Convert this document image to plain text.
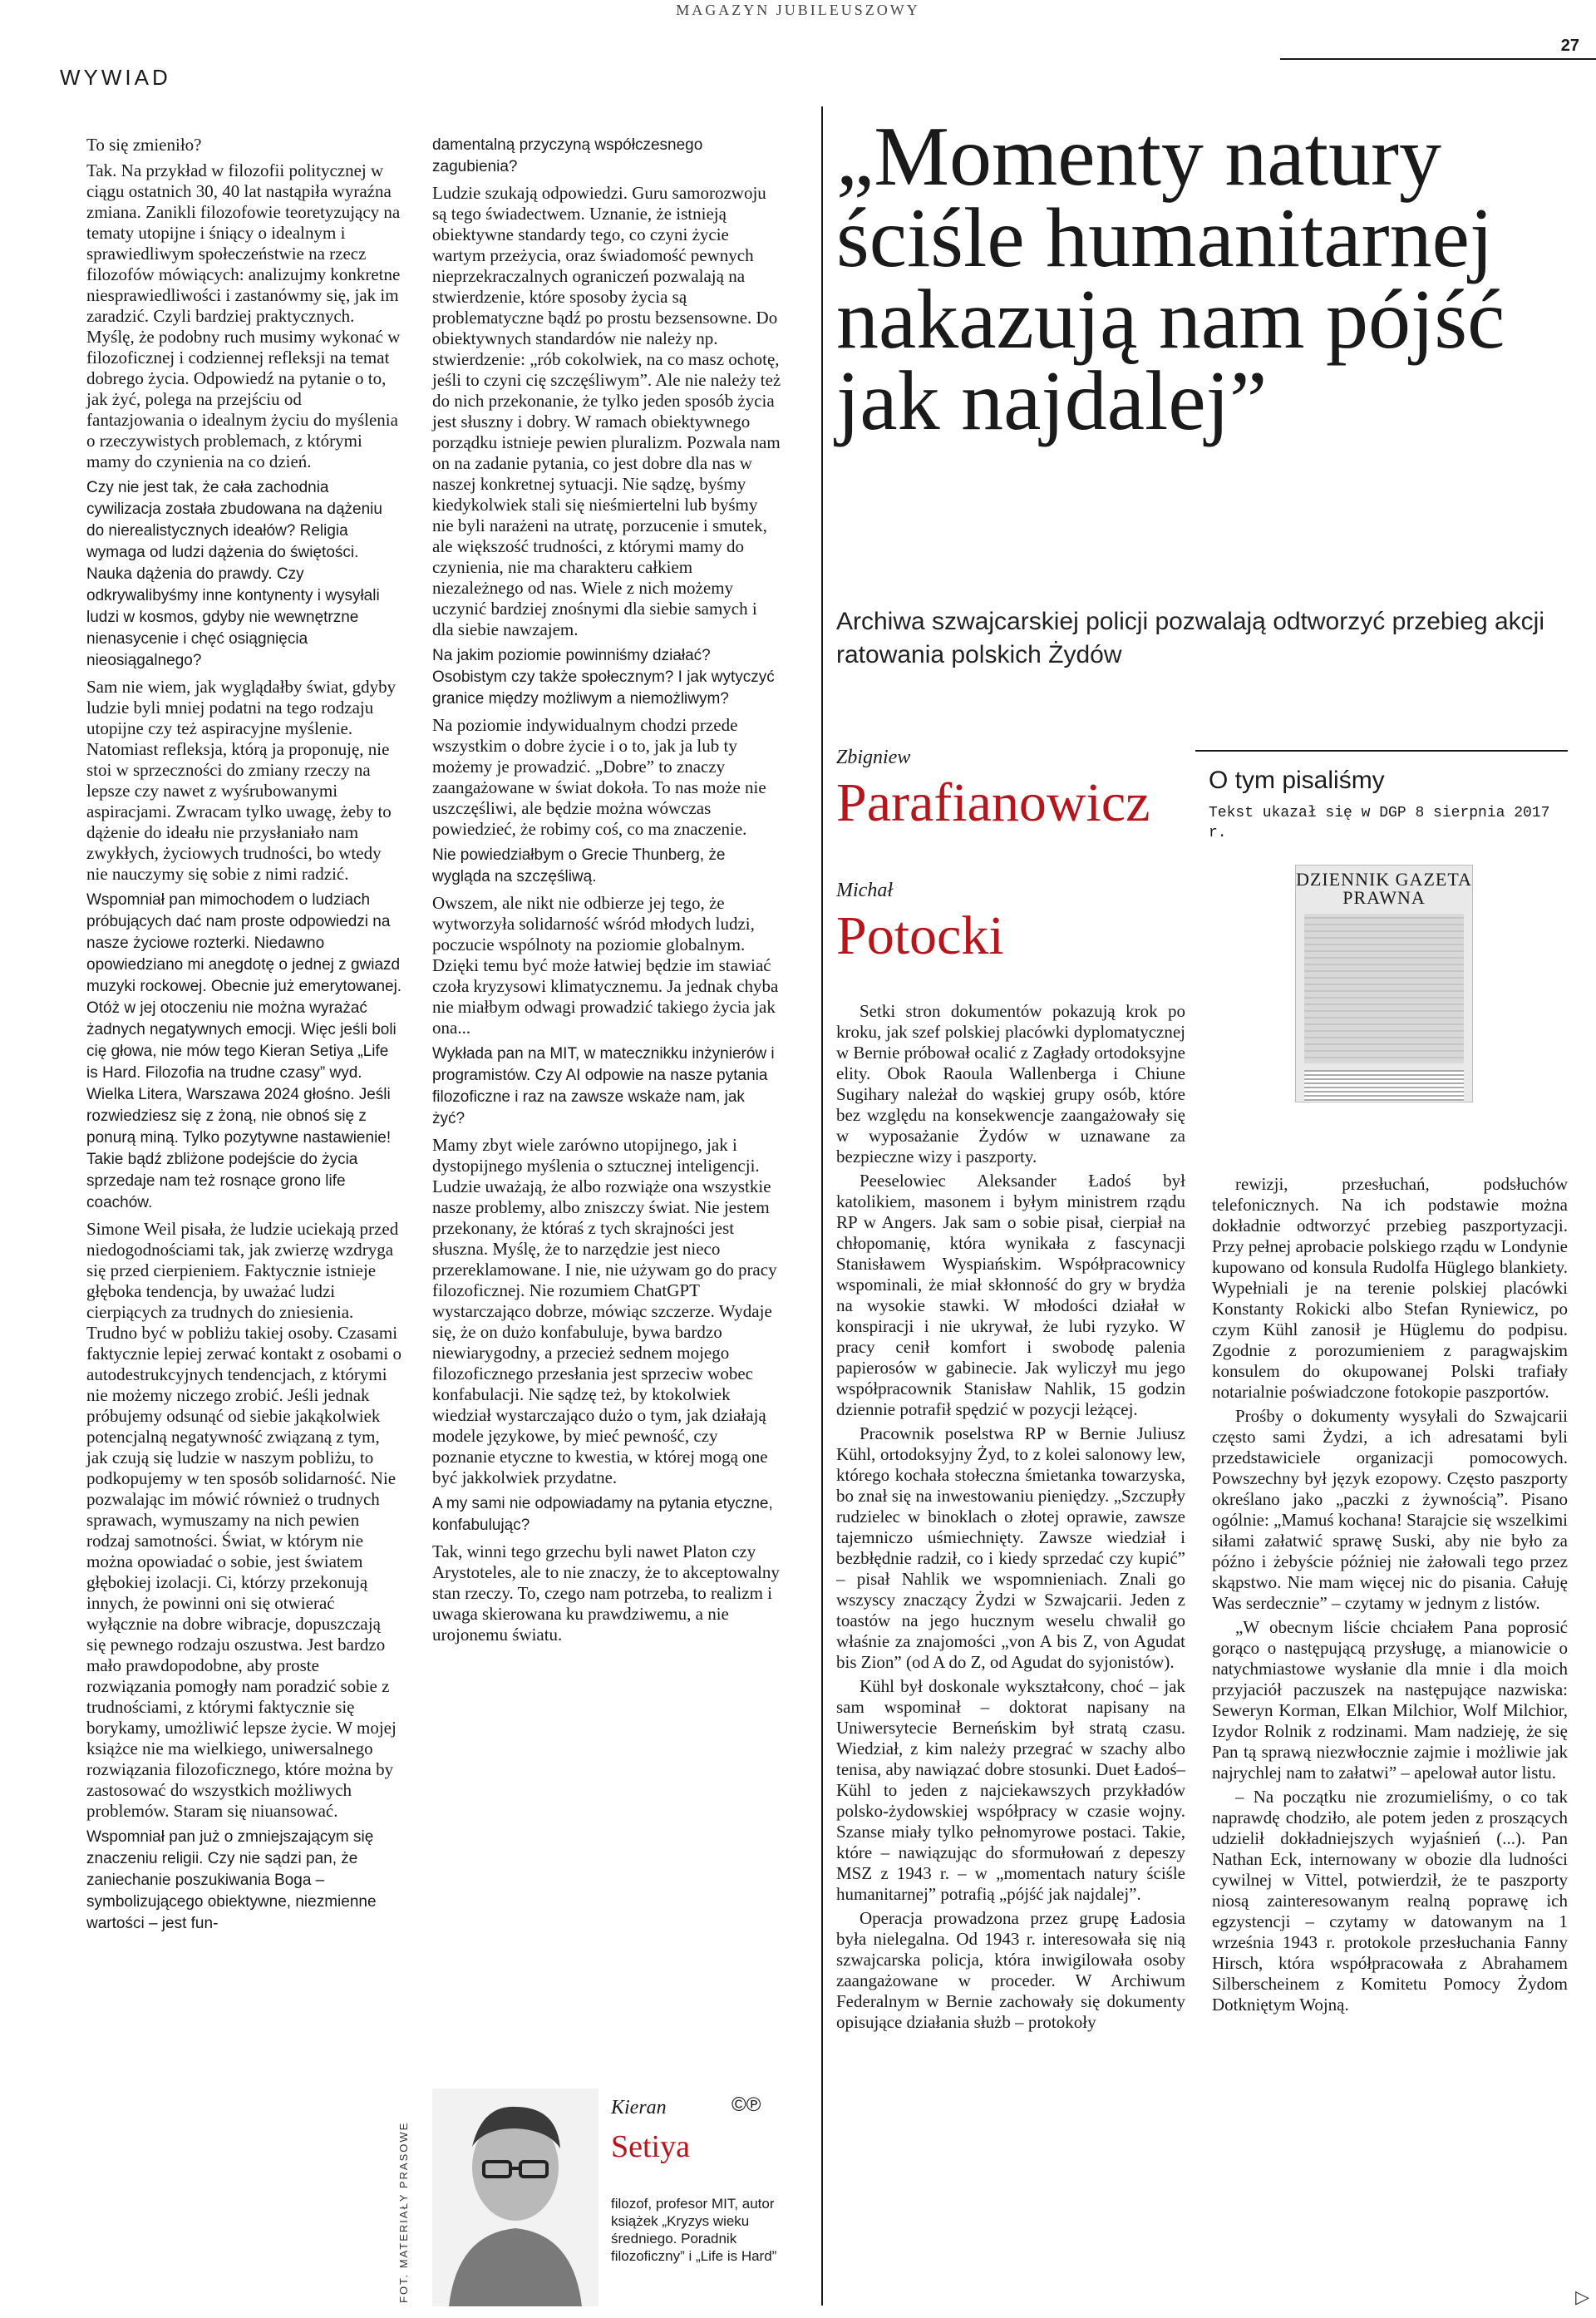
MAGAZYN JUBILEUSZOWY
27
WYWIAD

To się zmieniło?

Tak. Na przykład w filozofii politycznej w ciągu ostatnich 30, 40 lat nastąpiła wyraźna zmiana. Zanikli filozofowie teoretyzujący na tematy utopijne i śniący o idealnym i sprawiedliwym społeczeństwie na rzecz filozofów mówiących: analizujmy konkretne niesprawiedliwości i zastanówmy się, jak im zaradzić. Czyli bardziej praktycznych. Myślę, że podobny ruch musimy wykonać w filozoficznej i codziennej refleksji na temat dobrego życia. Odpowiedź na pytanie o to, jak żyć, polega na przejściu od fantazjowania o idealnym życiu do myślenia o rzeczywistych problemach, z którymi mamy do czynienia na co dzień.

Czy nie jest tak, że cała zachodnia cywilizacja została zbudowana na dążeniu do nierealistycznych ideałów? Religia wymaga od ludzi dążenia do świętości. Nauka dążenia do prawdy. Czy odkrywalibyśmy inne kontynenty i wysyłali ludzi w kosmos, gdyby nie wewnętrzne nienasycenie i chęć osiągnięcia nieosiągalnego?

Sam nie wiem, jak wyglądałby świat, gdyby ludzie byli mniej podatni na tego rodzaju utopijne czy też aspiracyjne myślenie. Natomiast refleksja, którą ja proponuję, nie stoi w sprzeczności do zmiany rzeczy na lepsze czy nawet z wyśrubowanymi aspiracjami. Zwracam tylko uwagę, żeby to dążenie do ideału nie przysłaniało nam zwykłych, życiowych trudności, bo wtedy nie nauczymy się sobie z nimi radzić.

Wspomniał pan mimochodem o ludziach próbujących dać nam proste odpowiedzi na nasze życiowe rozterki. Niedawno opowiedziano mi anegdotę o jednej z gwiazd muzyki rockowej. Obecnie już emerytowanej. Otóż w jej otoczeniu nie można wyrażać żadnych negatywnych emocji. Więc jeśli boli cię głowa, nie mów tego Kieran Setiya „Life is Hard. Filozofia na trudne czasy” wyd. Wielka Litera, Warszawa 2024 głośno. Jeśli rozwiedziesz się z żoną, nie obnoś się z ponurą miną. Tylko pozytywne nastawienie! Takie bądź zbliżone podejście do życia sprzedaje nam też rosnące grono life coachów.

Simone Weil pisała, że ludzie uciekają przed niedogodnościami tak, jak zwierzę wzdryga się przed cierpieniem. Faktycznie istnieje głęboka tendencja, by uważać ludzi cierpiących za trudnych do zniesienia. Trudno być w pobliżu takiej osoby. Czasami faktycznie lepiej zerwać kontakt z osobami o autodestrukcyjnych tendencjach, z którymi nie możemy niczego zrobić. Jeśli jednak próbujemy odsunąć od siebie jakąkolwiek potencjalną negatywność związaną z tym, jak czują się ludzie w naszym pobliżu, to podkopujemy w ten sposób solidarność. Nie pozwalając im mówić również o trudnych sprawach, wymuszamy na nich pewien rodzaj samotności. Świat, w którym nie można opowiadać o sobie, jest światem głębokiej izolacji. Ci, którzy przekonują innych, że powinni oni się otwierać wyłącznie na dobre wibracje, dopuszczają się pewnego rodzaju oszustwa. Jest bardzo mało prawdopodobne, aby proste rozwiązania pomogły nam poradzić sobie z trudnościami, z którymi faktycznie się borykamy, umożliwić lepsze życie. W mojej książce nie ma wielkiego, uniwersalnego rozwiązania filozoficznego, które można by zastosować do wszystkich możliwych problemów. Staram się niuansować.

Wspomniał pan już o zmniejszającym się znaczeniu religii. Czy nie sądzi pan, że zaniechanie poszukiwania Boga – symbolizującego obiektywne, niezmienne wartości – jest fun-

damentalną przyczyną współczesnego zagubienia?

Ludzie szukają odpowiedzi. Guru samorozwoju są tego świadectwem. Uznanie, że istnieją obiektywne standardy tego, co czyni życie wartym przeżycia, oraz świadomość pewnych nieprzekraczalnych ograniczeń pozwalają na stwierdzenie, które sposoby życia są problematyczne bądź po prostu bezsensowne. Do obiektywnych standardów nie należy np. stwierdzenie: „rób cokolwiek, na co masz ochotę, jeśli to czyni cię szczęśliwym”. Ale nie należy też do nich przekonanie, że tylko jeden sposób życia jest słuszny i dobry. W ramach obiektywnego porządku istnieje pewien pluralizm. Pozwala nam on na zadanie pytania, co jest dobre dla nas w naszej konkretnej sytuacji. Nie sądzę, byśmy kiedykolwiek stali się nieśmiertelni lub byśmy nie byli narażeni na utratę, porzucenie i smutek, ale większość trudności, z którymi mamy do czynienia, nie ma charakteru całkiem niezależnego od nas. Wiele z nich możemy uczynić bardziej znośnymi dla siebie samych i dla siebie nawzajem.

Na jakim poziomie powinniśmy działać? Osobistym czy także społecznym? I jak wytyczyć granice między możliwym a niemożliwym?

Na poziomie indywidualnym chodzi przede wszystkim o dobre życie i o to, jak ja lub ty możemy je prowadzić. „Dobre” to znaczy zaangażowane w świat dokoła. To nas może nie uszczęśliwi, ale będzie można wówczas powiedzieć, że robimy coś, co ma znaczenie.

Nie powiedziałbym o Grecie Thunberg, że wygląda na szczęśliwą.

Owszem, ale nikt nie odbierze jej tego, że wytworzyła solidarność wśród młodych ludzi, poczucie wspólnoty na poziomie globalnym. Dzięki temu być może łatwiej będzie im stawiać czoła kryzysowi klimatycznemu. Ja jednak chyba nie miałbym odwagi prowadzić takiego życia jak ona...

Wykłada pan na MIT, w matecznikku inżynierów i programistów. Czy AI odpowie na nasze pytania filozoficzne i raz na zawsze wskaże nam, jak żyć?

Mamy zbyt wiele zarówno utopijnego, jak i dystopijnego myślenia o sztucznej inteligencji. Ludzie uważają, że albo rozwiąże ona wszystkie nasze problemy, albo zniszczy świat. Nie jestem przekonany, że któraś z tych skrajności jest słuszna. Myślę, że to narzędzie jest nieco przereklamowane. I nie, nie używam go do pracy filozoficznej. Nie rozumiem ChatGPT wystarczająco dobrze, mówiąc szczerze. Wydaje się, że on dużo konfabuluje, bywa bardzo niewiarygodny, a przecież sednem mojego filozoficznego przesłania jest sprzeciw wobec konfabulacji. Nie sądzę też, by ktokolwiek wiedział wystarczająco dużo o tym, jak działają modele językowe, by mieć pewność, czy poznanie etyczne to kwestia, w której mogą one być jakkolwiek przydatne.

A my sami nie odpowiadamy na pytania etyczne, konfabulując?

Tak, winni tego grzechu byli nawet Platon czy Arystoteles, ale to nie znaczy, że to akceptowalny stan rzeczy. To, czego nam potrzeba, to realizm i uwaga skierowana ku prawdziwemu, a nie urojonemu światu.

©℗
FOT. MATERIAŁY PRASOWE
Kieran
Setiya
filozof, profesor MIT, autor książek „Kryzys wieku średniego. Poradnik filozoficzny” i „Life is Hard”
„Momenty natury ściśle humanitarnej nakazują nam pójść jak najdalej”
Archiwa szwajcarskiej policji pozwalają odtworzyć przebieg akcji ratowania polskich Żydów
Zbigniew
Parafianowicz
Michał
Potocki
O tym pisaliśmy
Tekst ukazał się w DGP 8 sierpnia 2017 r.
DZIENNIK GAZETA PRAWNA

Setki stron dokumentów pokazują krok po kroku, jak szef polskiej placówki dyplomatycznej w Bernie próbował ocalić z Zagłady ortodoksyjne elity. Obok Raoula Wallenberga i Chiune Sugihary należał do wąskiej grupy osób, które bez względu na konsekwencje zaangażowały się w wyposażanie Żydów w uznawane za bezpieczne wizy i paszporty.

Peeselowiec Aleksander Ładoś był katolikiem, masonem i byłym ministrem rządu RP w Angers. Jak sam o sobie pisał, cierpiał na chłopomanię, która wynikała z fascynacji Stanisławem Wyspiańskim. Współpracownicy wspominali, że miał skłonność do gry w brydża na wysokie stawki. W młodości działał w konspiracji i nie ukrywał, że lubi ryzyko. W pracy cenił komfort i swobodę palenia papierosów w gabinecie. Jak wyliczył mu jego współpracownik Stanisław Nahlik, 15 godzin dziennie potrafił spędzić w pozycji leżącej.

Pracownik poselstwa RP w Bernie Juliusz Kühl, ortodoksyjny Żyd, to z kolei salonowy lew, którego kochała stołeczna śmietanka towarzyska, bo znał się na inwestowaniu pieniędzy. „Szczupły rudzielec w binoklach o złotej oprawie, zawsze tajemniczo uśmiechnięty. Zawsze wiedział i bezbłędnie radził, co i kiedy sprzedać czy kupić” – pisał Nahlik we wspomnieniach. Znali go wszyscy znaczący Żydzi w Szwajcarii. Jeden z toastów na jego hucznym weselu chwalił go właśnie za znajomości „von A bis Z, von Agudat bis Zion” (od A do Z, od Agudat do syjonistów).

Kühl był doskonale wykształcony, choć – jak sam wspominał – doktorat napisany na Uniwersytecie Berneńskim był stratą czasu. Wiedział, z kim należy przegrać w szachy albo tenisa, aby nawiązać dobre stosunki. Duet Ładoś–Kühl to jeden z najciekawszych przykładów polsko-żydowskiej współpracy w czasie wojny. Szanse miały tylko pełnomyrowe postaci. Takie, które – nawiązując do sformułowań z depeszy MSZ z 1943 r. – w „momentach natury ściśle humanitarnej” potrafią „pójść jak najdalej”.

Operacja prowadzona przez grupę Ładosia była nielegalna. Od 1943 r. interesowała się nią szwajcarska policja, która inwigilowała osoby zaangażowane w proceder. W Archiwum Federalnym w Bernie zachowały się dokumenty opisujące działania służb – protokoły

rewizji, przesłuchań, podsłuchów telefonicznych. Na ich podstawie można dokładnie odtworzyć przebieg paszportyzacji. Przy pełnej aprobacie polskiego rządu w Londynie kupowano od konsula Rudolfa Hüglego blankiety. Wypełniali je na terenie polskiej placówki Konstanty Rokicki albo Stefan Ryniewicz, po czym Kühl zanosił je Hüglemu do podpisu. Zgodnie z porozumieniem z paragwajskim konsulem do okupowanej Polski trafiały notarialnie poświadczone fotokopie paszportów.

Prośby o dokumenty wysyłali do Szwajcarii często sami Żydzi, a ich adresatami byli przedstawiciele organizacji pomocowych. Powszechny był język ezopowy. Często paszporty określano jako „paczki z żywnością”. Pisano ogólnie: „Mamuś kochana! Starajcie się wszelkimi siłami załatwić sprawę Suski, aby nie było za późno i żebyście później nie żałowali tego przez skąpstwo. Nie mam więcej nic do pisania. Całuję Was serdecznie” – czytamy w jednym z listów.

„W obecnym liście chciałem Pana poprosić gorąco o następującą przysługę, a mianowicie o natychmiastowe wysłanie dla mnie i dla moich przyjaciół paczuszek na następujące nazwiska: Seweryn Korman, Elkan Milchior, Wolf Milchior, Izydor Rolnik z rodzinami. Mam nadzieję, że się Pan tą sprawą niezwłocznie zajmie i możliwie jak najrychlej nam to załatwi” – apelował autor listu.

– Na początku nie zrozumieliśmy, o co tak naprawdę chodziło, ale potem jeden z proszących udzielił dokładniejszych wyjaśnień (...). Pan Nathan Eck, internowany w obozie dla ludności cywilnej w Vittel, potwierdził, że te paszporty niosą zainteresowanym realną poprawę ich egzystencji – czytamy w datowanym na 1 września 1943 r. protokole przesłuchania Fanny Hirsch, która współpracowała z Abrahamem Silberscheinem z Komitetu Pomocy Żydom Dotkniętym Wojną.

▷
